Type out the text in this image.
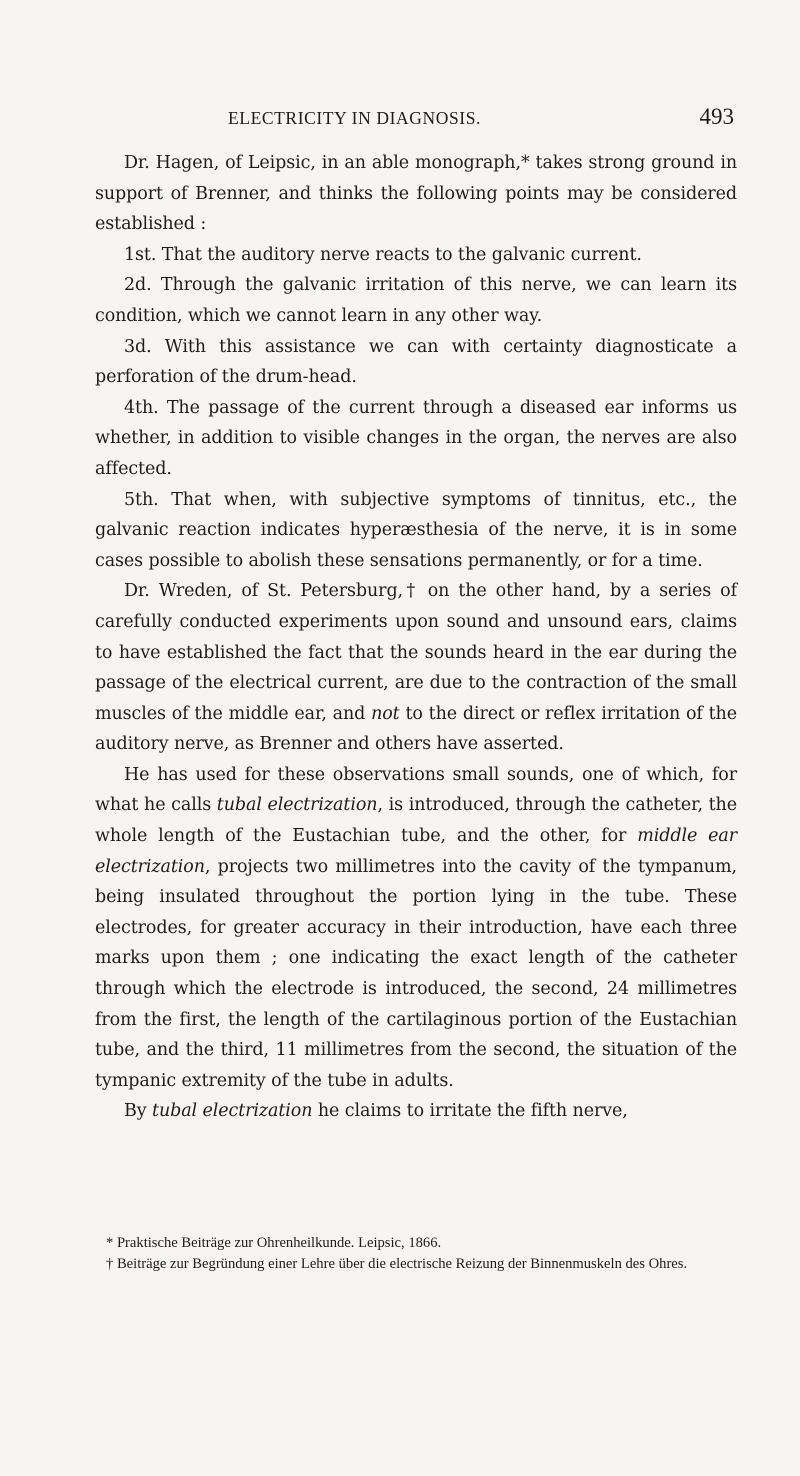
ELECTRICITY IN DIAGNOSIS.	493

Dr. Hagen, of Leipsic, in an able monograph,* takes strong ground in support of Brenner, and thinks the following points may be considered established :

1st. That the auditory nerve reacts to the galvanic current.

2d. Through the galvanic irritation of this nerve, we can learn its condition, which we cannot learn in any other way.

3d. With this assistance we can with certainty diagnosticate a perforation of the drum-head.

4th. The passage of the current through a diseased ear informs us whether, in addition to visible changes in the organ, the nerves are also affected.

5th. That when, with subjective symptoms of tinnitus, etc., the galvanic reaction indicates hyperæsthesia of the nerve, it is in some cases possible to abolish these sensations permanently, or for a time.

Dr. Wreden, of St. Petersburg,† on the other hand, by a series of carefully conducted experiments upon sound and unsound ears, claims to have established the fact that the sounds heard in the ear during the passage of the electrical current, are due to the contraction of the small muscles of the middle ear, and not to the direct or reflex irritation of the auditory nerve, as Brenner and others have asserted.

He has used for these observations small sounds, one of which, for what he calls tubal electrization, is introduced, through the catheter, the whole length of the Eustachian tube, and the other, for middle ear electrization, projects two millimetres into the cavity of the tympanum, being insulated throughout the portion lying in the tube. These electrodes, for greater accuracy in their introduction, have each three marks upon them ; one indicating the exact length of the catheter through which the electrode is introduced, the second, 24 millimetres from the first, the length of the cartilaginous portion of the Eustachian tube, and the third, 11 millimetres from the second, the situation of the tympanic extremity of the tube in adults.

By tubal electrization he claims to irritate the fifth nerve,

* Praktische Beiträge zur Ohrenheilkunde. Leipsic, 1866.

† Beiträge zur Begründung einer Lehre über die electrische Reizung der Binnenmuskeln des Ohres.
